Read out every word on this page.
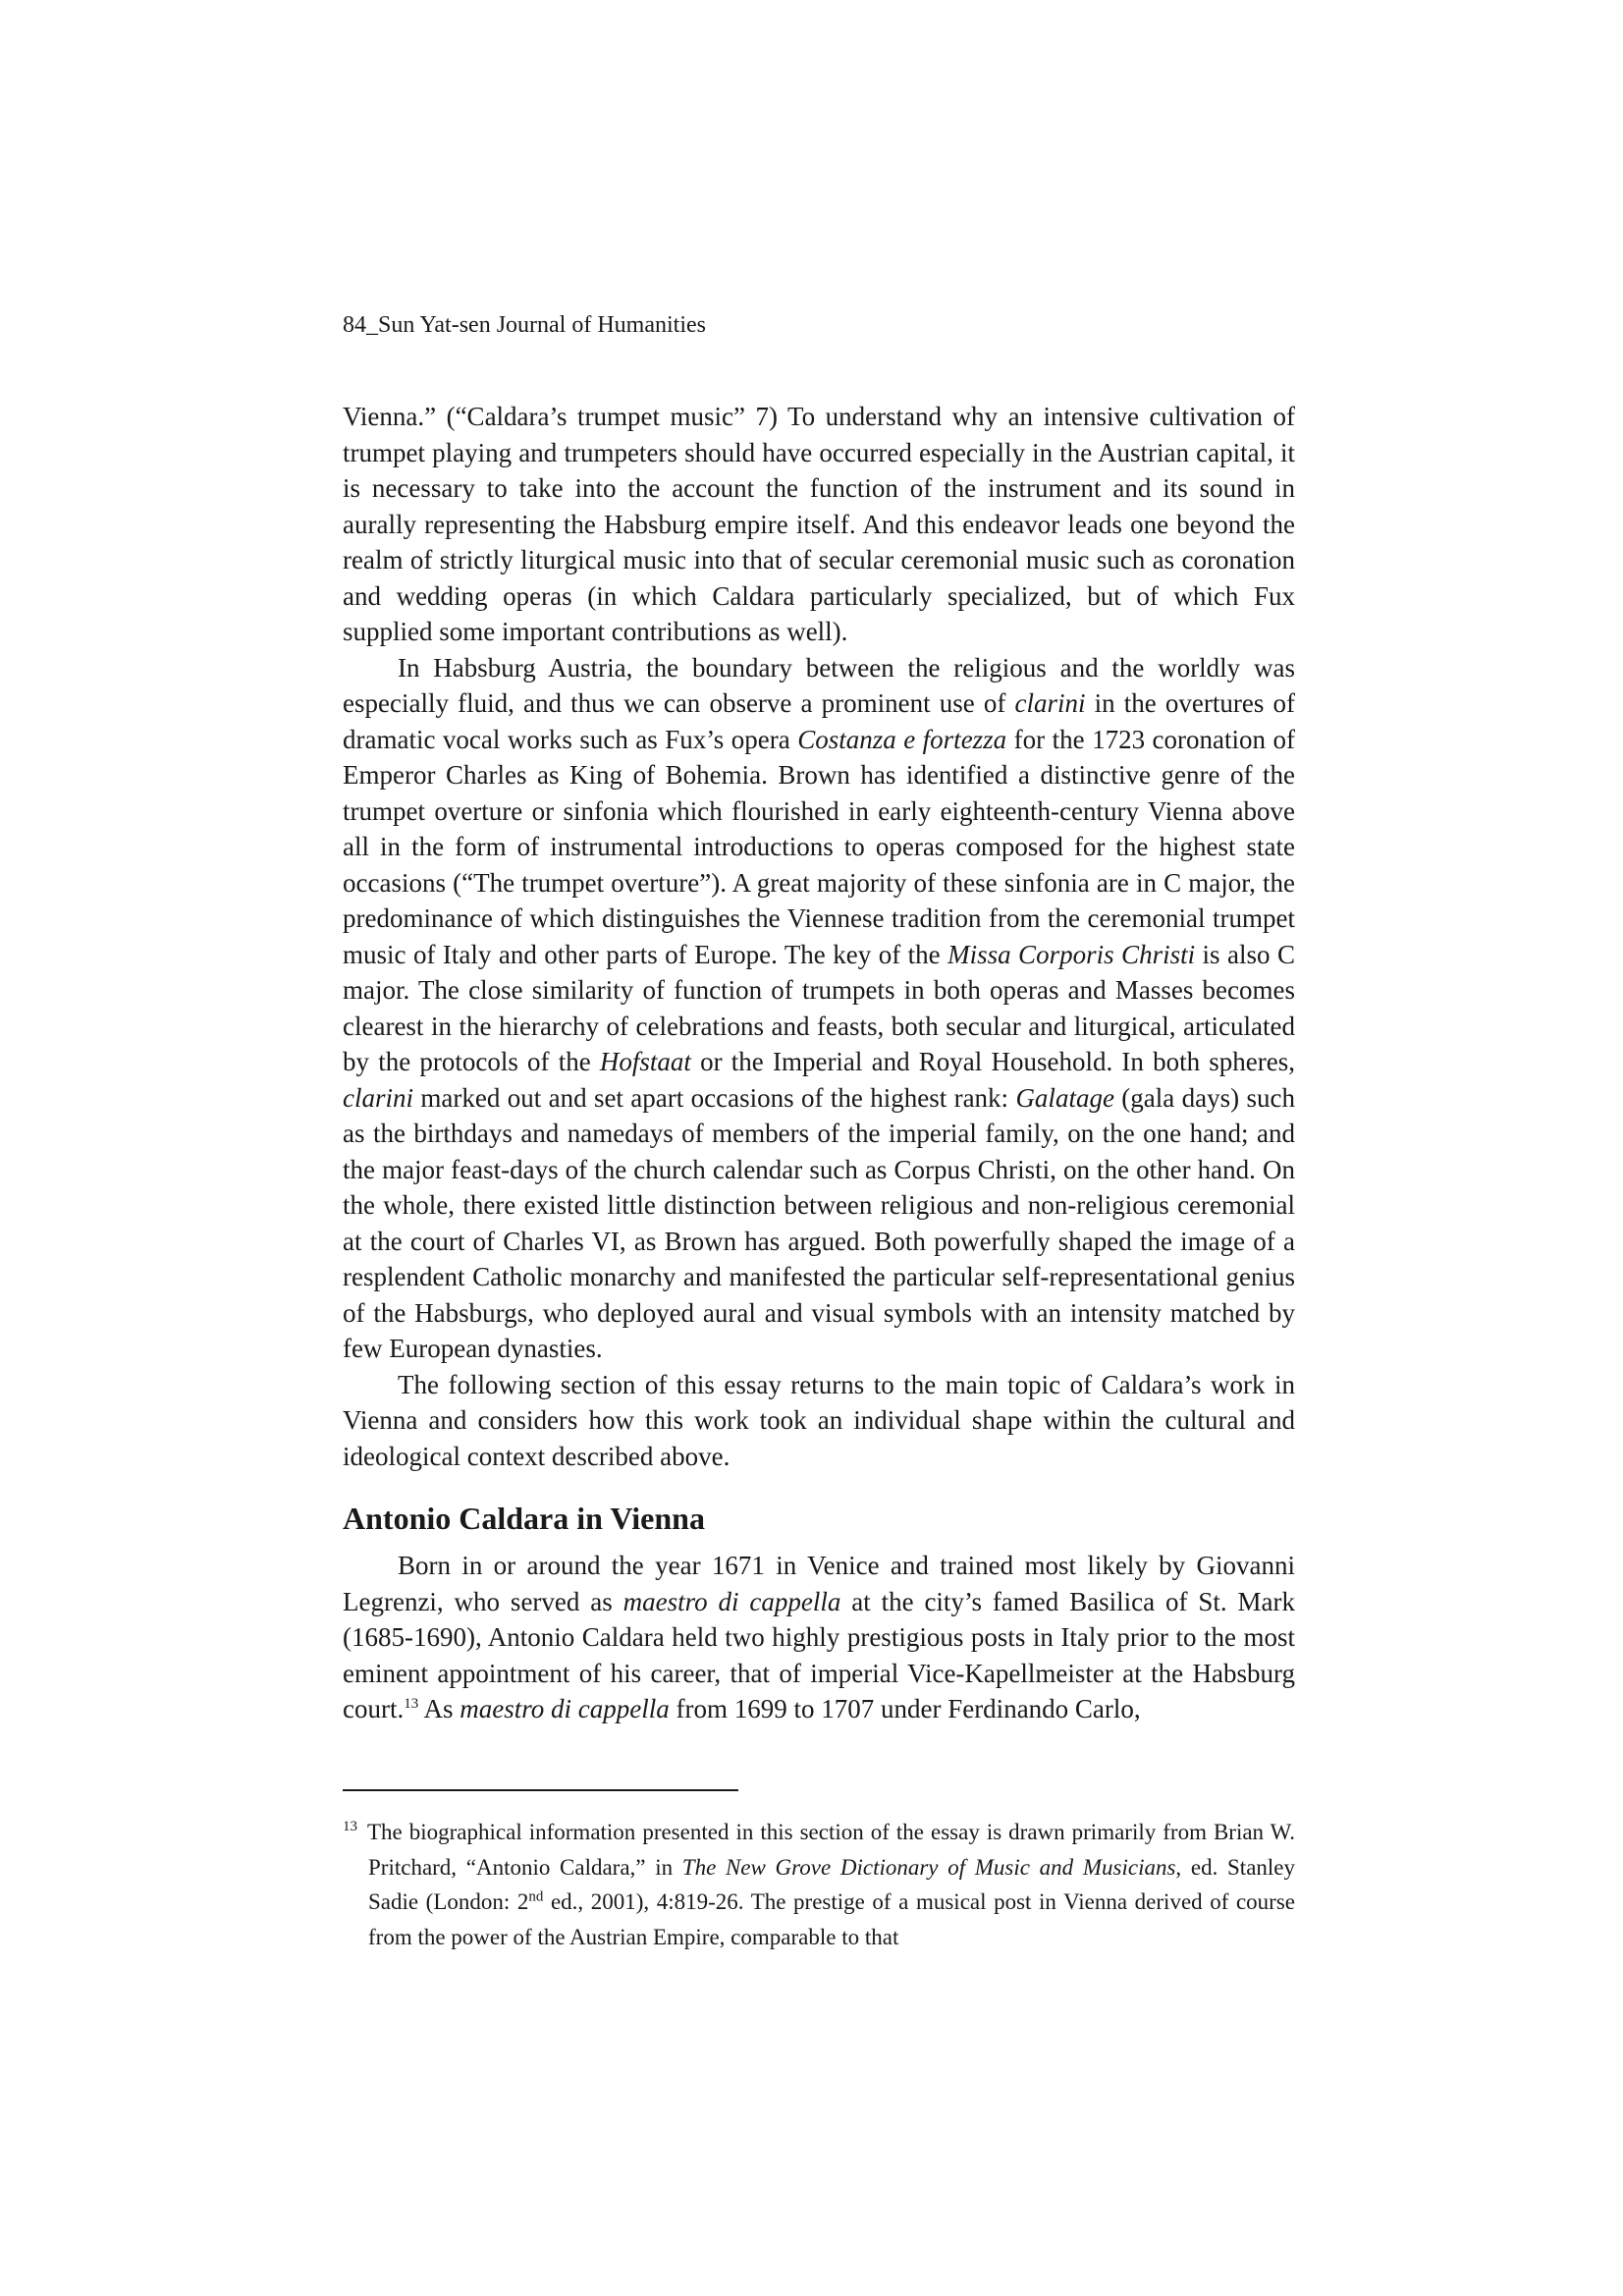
84_Sun Yat-sen Journal of Humanities

Vienna.” (“Caldara’s trumpet music” 7) To understand why an intensive cultivation of trumpet playing and trumpeters should have occurred especially in the Austrian capital, it is necessary to take into the account the function of the instrument and its sound in aurally representing the Habsburg empire itself. And this endeavor leads one beyond the realm of strictly liturgical music into that of secular ceremonial music such as coronation and wedding operas (in which Caldara particularly specialized, but of which Fux supplied some important contributions as well).

In Habsburg Austria, the boundary between the religious and the worldly was especially fluid, and thus we can observe a prominent use of clarini in the overtures of dramatic vocal works such as Fux’s opera Costanza e fortezza for the 1723 coronation of Emperor Charles as King of Bohemia. Brown has identified a distinctive genre of the trumpet overture or sinfonia which flourished in early eighteenth-century Vienna above all in the form of instrumental introductions to operas composed for the highest state occasions (“The trumpet overture”). A great majority of these sinfonia are in C major, the predominance of which distinguishes the Viennese tradition from the ceremonial trumpet music of Italy and other parts of Europe. The key of the Missa Corporis Christi is also C major. The close similarity of function of trumpets in both operas and Masses becomes clearest in the hierarchy of celebrations and feasts, both secular and liturgical, articulated by the protocols of the Hofstaat or the Imperial and Royal Household. In both spheres, clarini marked out and set apart occasions of the highest rank: Galatage (gala days) such as the birthdays and namedays of members of the imperial family, on the one hand; and the major feast-days of the church calendar such as Corpus Christi, on the other hand. On the whole, there existed little distinction between religious and non-religious ceremonial at the court of Charles VI, as Brown has argued. Both powerfully shaped the image of a resplendent Catholic monarchy and manifested the particular self-representational genius of the Habsburgs, who deployed aural and visual symbols with an intensity matched by few European dynasties.

The following section of this essay returns to the main topic of Caldara’s work in Vienna and considers how this work took an individual shape within the cultural and ideological context described above.

Antonio Caldara in Vienna

Born in or around the year 1671 in Venice and trained most likely by Giovanni Legrenzi, who served as maestro di cappella at the city’s famed Basilica of St. Mark (1685-1690), Antonio Caldara held two highly prestigious posts in Italy prior to the most eminent appointment of his career, that of imperial Vice-Kapellmeister at the Habsburg court.$^{13}$ As maestro di cappella from 1699 to 1707 under Ferdinando Carlo,

$^{13}$ The biographical information presented in this section of the essay is drawn primarily from Brian W. Pritchard, “Antonio Caldara,” in The New Grove Dictionary of Music and Musicians, ed. Stanley Sadie (London: 2nd ed., 2001), 4:819-26. The prestige of a musical post in Vienna derived of course from the power of the Austrian Empire, comparable to that
